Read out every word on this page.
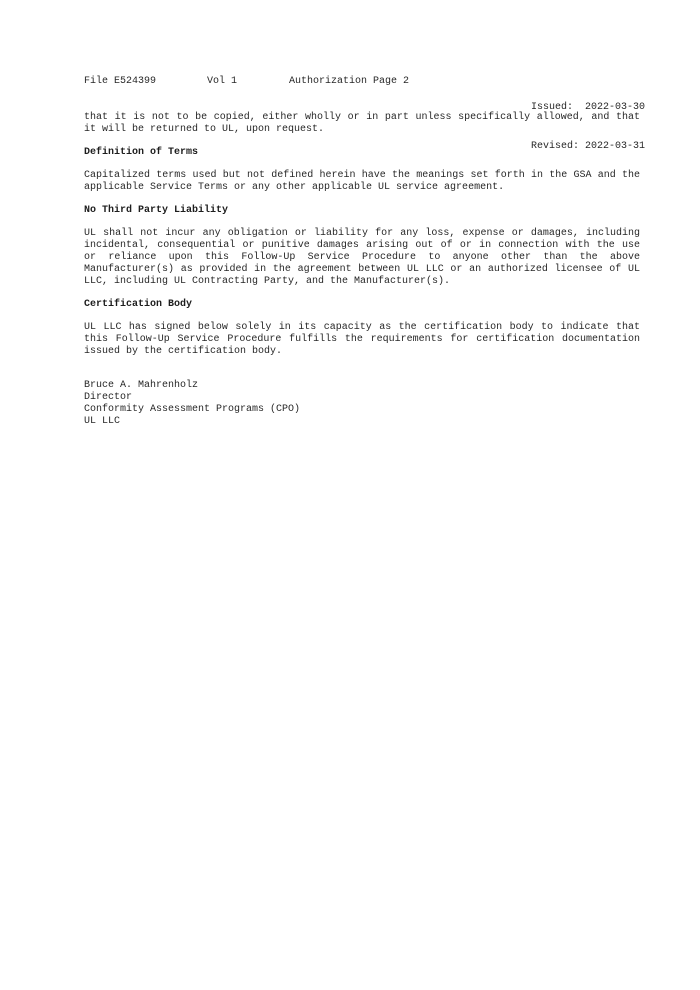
File E524399

	Vol 1

	Authorization Page 2

Issued:	2022-03-30

Revised: 2022-03-31

that it is not to be copied, either wholly or in part unless specifically allowed, and that it will be returned to UL, upon request.
Definition of Terms
Capitalized terms used but not defined herein have the meanings set forth in the GSA and the applicable Service Terms or any other applicable UL service agreement.
No Third Party Liability
UL shall not incur any obligation or liability for any loss, expense or damages, including incidental, consequential or punitive damages arising out of or in connection with the use or reliance upon this Follow-Up Service Procedure to anyone other than the above Manufacturer(s) as provided in the agreement between UL LLC or an authorized licensee of UL LLC, including UL Contracting Party, and the Manufacturer(s).
Certification Body
UL LLC has signed below solely in its capacity as the certification body to indicate that this Follow-Up Service Procedure fulfills the requirements for certification documentation issued by the certification body.
Bruce A. Mahrenholz
Director
Conformity Assessment Programs (CPO)
UL LLC
